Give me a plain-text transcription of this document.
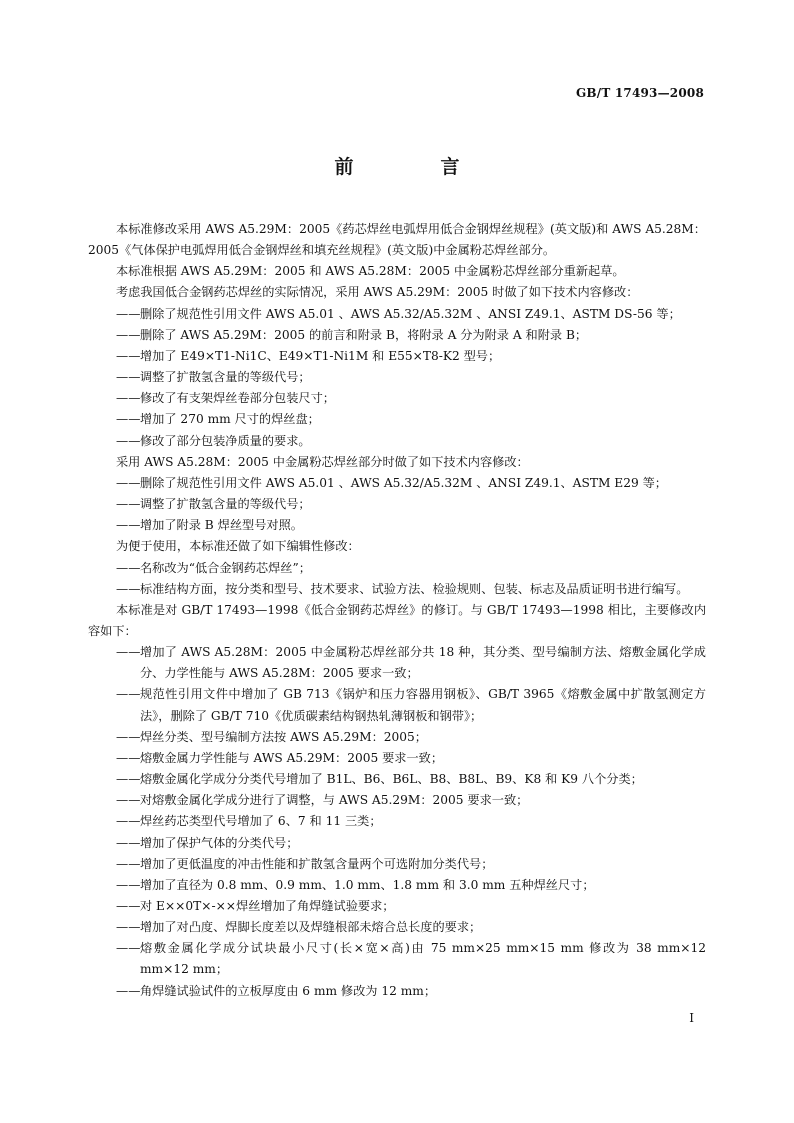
GB/T 17493—2008
前　言

本标准修改采用 AWS A5.29M：2005《药芯焊丝电弧焊用低合金钢焊丝规程》(英文版)和 AWS A5.28M：2005《气体保护电弧焊用低合金钢焊丝和填充丝规程》(英文版)中金属粉芯焊丝部分。

本标准根据 AWS A5.29M：2005 和 AWS A5.28M：2005 中金属粉芯焊丝部分重新起草。

考虑我国低合金钢药芯焊丝的实际情况，采用 AWS A5.29M：2005 时做了如下技术内容修改：

—— 删除了规范性引用文件 AWS A5.01 、AWS A5.32/A5.32M 、ANSI Z49.1、ASTM DS-56 等；

—— 删除了 AWS A5.29M：2005 的前言和附录 B，将附录 A 分为附录 A 和附录 B；

—— 增加了 E49×T1-Ni1C、E49×T1-Ni1M 和 E55×T8-K2 型号；

—— 调整了扩散氢含量的等级代号；

—— 修改了有支架焊丝卷部分包装尺寸；

—— 增加了 270 mm 尺寸的焊丝盘；

—— 修改了部分包装净质量的要求。

采用 AWS A5.28M：2005 中金属粉芯焊丝部分时做了如下技术内容修改：

—— 删除了规范性引用文件 AWS A5.01 、AWS A5.32/A5.32M 、ANSI Z49.1、ASTM E29 等；

—— 调整了扩散氢含量的等级代号；

—— 增加了附录 B 焊丝型号对照。

为便于使用，本标准还做了如下编辑性修改：

—— 名称改为“低合金钢药芯焊丝”；

—— 标准结构方面，按分类和型号、技术要求、试验方法、检验规则、包装、标志及品质证明书进行编写。

本标准是对 GB/T 17493—1998《低合金钢药芯焊丝》的修订。与 GB/T 17493—1998 相比，主要修改内容如下：

—— 增加了 AWS A5.28M：2005 中金属粉芯焊丝部分共 18 种，其分类、型号编制方法、熔敷金属化学成分、力学性能与 AWS A5.28M：2005 要求一致；

—— 规范性引用文件中增加了 GB 713《锅炉和压力容器用钢板》、GB/T 3965《熔敷金属中扩散氢测定方法》，删除了 GB/T 710《优质碳素结构钢热轧薄钢板和钢带》；

—— 焊丝分类、型号编制方法按 AWS A5.29M：2005；

—— 熔敷金属力学性能与 AWS A5.29M：2005 要求一致；

—— 熔敷金属化学成分分类代号增加了 B1L、B6、B6L、B8、B8L、B9、K8 和 K9 八个分类；

—— 对熔敷金属化学成分进行了调整，与 AWS A5.29M：2005 要求一致；

—— 焊丝药芯类型代号增加了 6、7 和 11 三类；

—— 增加了保护气体的分类代号；

—— 增加了更低温度的冲击性能和扩散氢含量两个可选附加分类代号；

—— 增加了直径为 0.8 mm、0.9 mm、1.0 mm、1.8 mm 和 3.0 mm 五种焊丝尺寸；

—— 对 E××0T×-××焊丝增加了角焊缝试验要求；

—— 增加了对凸度、焊脚长度差以及焊缝根部未熔合总长度的要求；

—— 熔敷金属化学成分试块最小尺寸(长×宽×高)由 75 mm×25 mm×15 mm 修改为 38 mm×12 mm×12 mm；

—— 角焊缝试验试件的立板厚度由 6 mm 修改为 12 mm；

Ⅰ
